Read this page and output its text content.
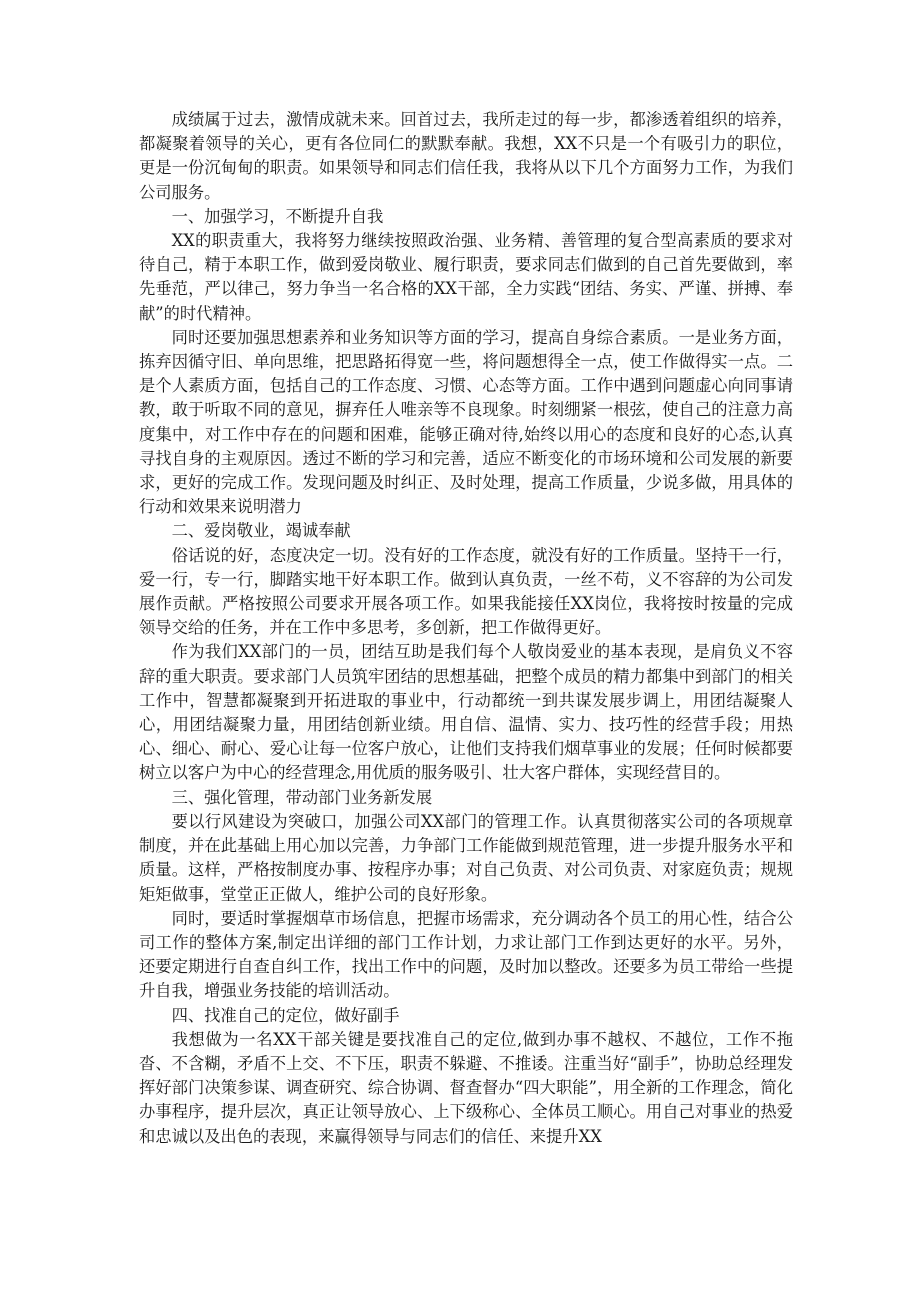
成绩属于过去，激情成就未来。回首过去，我所走过的每一步，都渗透着组织的培养，都凝聚着领导的关心，更有各位同仁的默默奉献。我想，XX不只是一个有吸引力的职位，更是一份沉甸甸的职责。如果领导和同志们信任我，我将从以下几个方面努力工作，为我们公司服务。

一、加强学习，不断提升自我

XX的职责重大，我将努力继续按照政治强、业务精、善管理的复合型高素质的要求对待自己，精于本职工作，做到爱岗敬业、履行职责，要求同志们做到的自己首先要做到，率先垂范，严以律己，努力争当一名合格的XX干部，全力实践“团结、务实、严谨、拼搏、奉献”的时代精神。

同时还要加强思想素养和业务知识等方面的学习，提高自身综合素质。一是业务方面，拣弃因循守旧、单向思维，把思路拓得宽一些，将问题想得全一点，使工作做得实一点。二是个人素质方面，包括自己的工作态度、习惯、心态等方面。工作中遇到问题虚心向同事请教，敢于听取不同的意见，摒弃任人唯亲等不良现象。时刻绷紧一根弦，使自己的注意力高度集中，对工作中存在的问题和困难，能够正确对待,始终以用心的态度和良好的心态,认真寻找自身的主观原因。透过不断的学习和完善，适应不断变化的市场环境和公司发展的新要求，更好的完成工作。发现问题及时纠正、及时处理，提高工作质量，少说多做，用具体的行动和效果来说明潜力

二、爱岗敬业，竭诚奉献

俗话说的好，态度决定一切。没有好的工作态度，就没有好的工作质量。坚持干一行，爱一行，专一行，脚踏实地干好本职工作。做到认真负责，一丝不苟，义不容辞的为公司发展作贡献。严格按照公司要求开展各项工作。如果我能接任XX岗位，我将按时按量的完成领导交给的任务，并在工作中多思考，多创新，把工作做得更好。

作为我们XX部门的一员，团结互助是我们每个人敬岗爱业的基本表现，是肩负义不容辞的重大职责。要求部门人员筑牢团结的思想基础，把整个成员的精力都集中到部门的相关工作中，智慧都凝聚到开拓进取的事业中，行动都统一到共谋发展步调上，用团结凝聚人心，用团结凝聚力量，用团结创新业绩。用自信、温情、实力、技巧性的经营手段；用热心、细心、耐心、爱心让每一位客户放心，让他们支持我们烟草事业的发展；任何时候都要树立以客户为中心的经营理念,用优质的服务吸引、壮大客户群体，实现经营目的。

三、强化管理，带动部门业务新发展

要以行风建设为突破口，加强公司XX部门的管理工作。认真贯彻落实公司的各项规章制度，并在此基础上用心加以完善，力争部门工作能做到规范管理，进一步提升服务水平和质量。这样，严格按制度办事、按程序办事；对自己负责、对公司负责、对家庭负责；规规矩矩做事，堂堂正正做人，维护公司的良好形象。

同时，要适时掌握烟草市场信息，把握市场需求，充分调动各个员工的用心性，结合公司工作的整体方案,制定出详细的部门工作计划，力求让部门工作到达更好的水平。另外，还要定期进行自查自纠工作，找出工作中的问题，及时加以整改。还要多为员工带给一些提升自我，增强业务技能的培训活动。

四、找准自己的定位，做好副手

我想做为一名XX干部关键是要找准自己的定位,做到办事不越权、不越位，工作不拖沓、不含糊，矛盾不上交、不下压，职责不躲避、不推诿。注重当好“副手”，协助总经理发挥好部门决策参谋、调查研究、综合协调、督查督办“四大职能”，用全新的工作理念，简化办事程序，提升层次，真正让领导放心、上下级称心、全体员工顺心。用自己对事业的热爱和忠诚以及出色的表现，来赢得领导与同志们的信任、来提升XX
